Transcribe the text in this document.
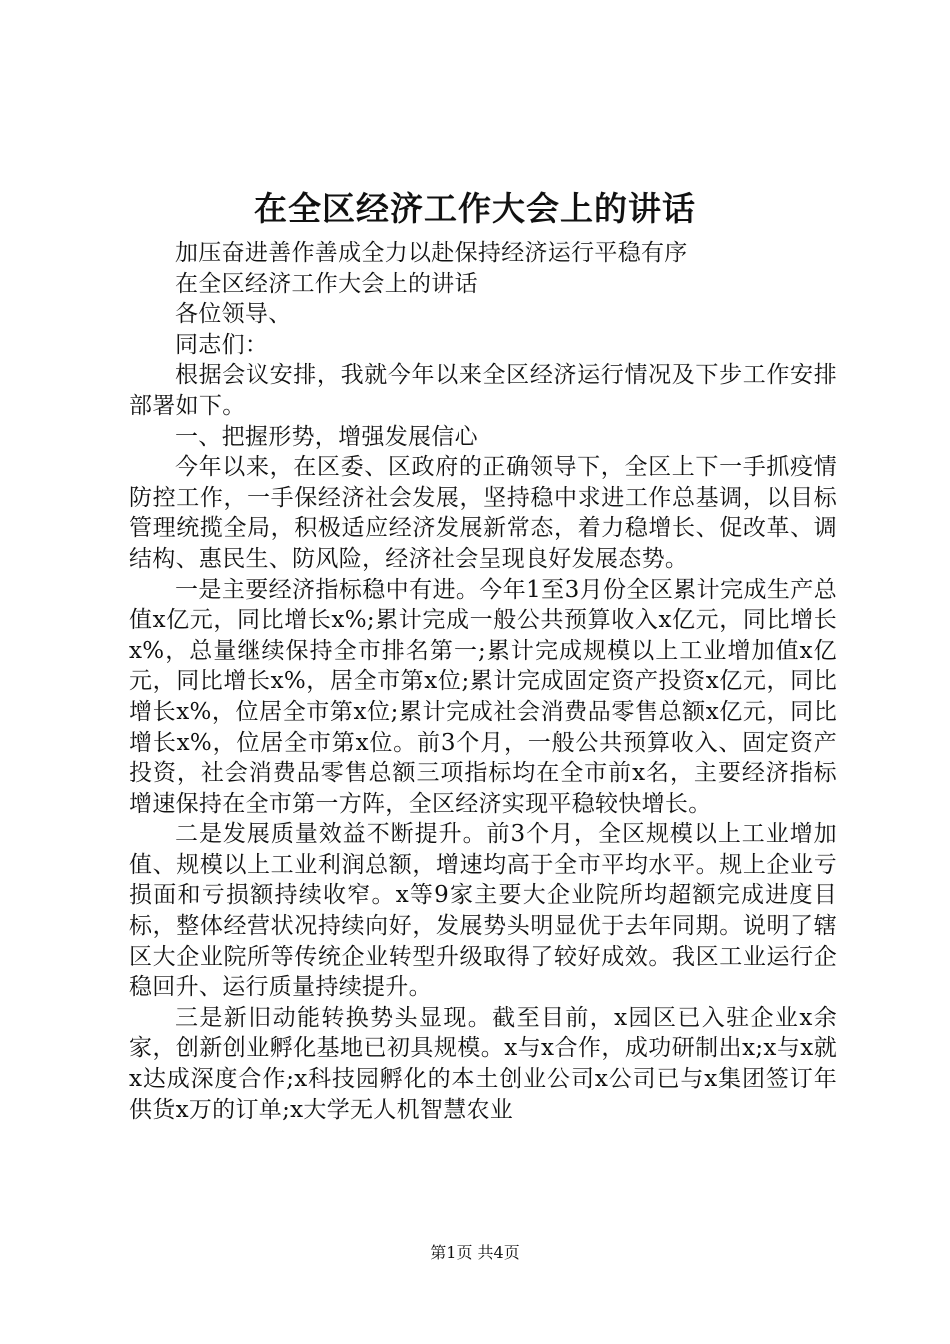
在全区经济工作大会上的讲话

加压奋进善作善成全力以赴保持经济运行平稳有序

在全区经济工作大会上的讲话

各位领导、

同志们：

根据会议安排，我就今年以来全区经济运行情况及下步工作安排部署如下。

一、把握形势，增强发展信心

今年以来，在区委、区政府的正确领导下，全区上下一手抓疫情防控工作，一手保经济社会发展，坚持稳中求进工作总基调，以目标管理统揽全局，积极适应经济发展新常态，着力稳增长、促改革、调结构、惠民生、防风险，经济社会呈现良好发展态势。

一是主要经济指标稳中有进。今年1至3月份全区累计完成生产总值x亿元，同比增长x%;累计完成一般公共预算收入x亿元，同比增长x%，总量继续保持全市排名第一;累计完成规模以上工业增加值x亿元，同比增长x%，居全市第x位;累计完成固定资产投资x亿元，同比增长x%，位居全市第x位;累计完成社会消费品零售总额x亿元，同比增长x%，位居全市第x位。前3个月，一般公共预算收入、固定资产投资，社会消费品零售总额三项指标均在全市前x名，主要经济指标增速保持在全市第一方阵，全区经济实现平稳较快增长。

二是发展质量效益不断提升。前3个月，全区规模以上工业增加值、规模以上工业利润总额，增速均高于全市平均水平。规上企业亏损面和亏损额持续收窄。x等9家主要大企业院所均超额完成进度目标，整体经营状况持续向好，发展势头明显优于去年同期。说明了辖区大企业院所等传统企业转型升级取得了较好成效。我区工业运行企稳回升、运行质量持续提升。

三是新旧动能转换势头显现。截至目前，x园区已入驻企业x余家，创新创业孵化基地已初具规模。x与x合作，成功研制出x;x与x就x达成深度合作;x科技园孵化的本土创业公司x公司已与x集团签订年供货x万的订单;x大学无人机智慧农业

第1页 共4页
